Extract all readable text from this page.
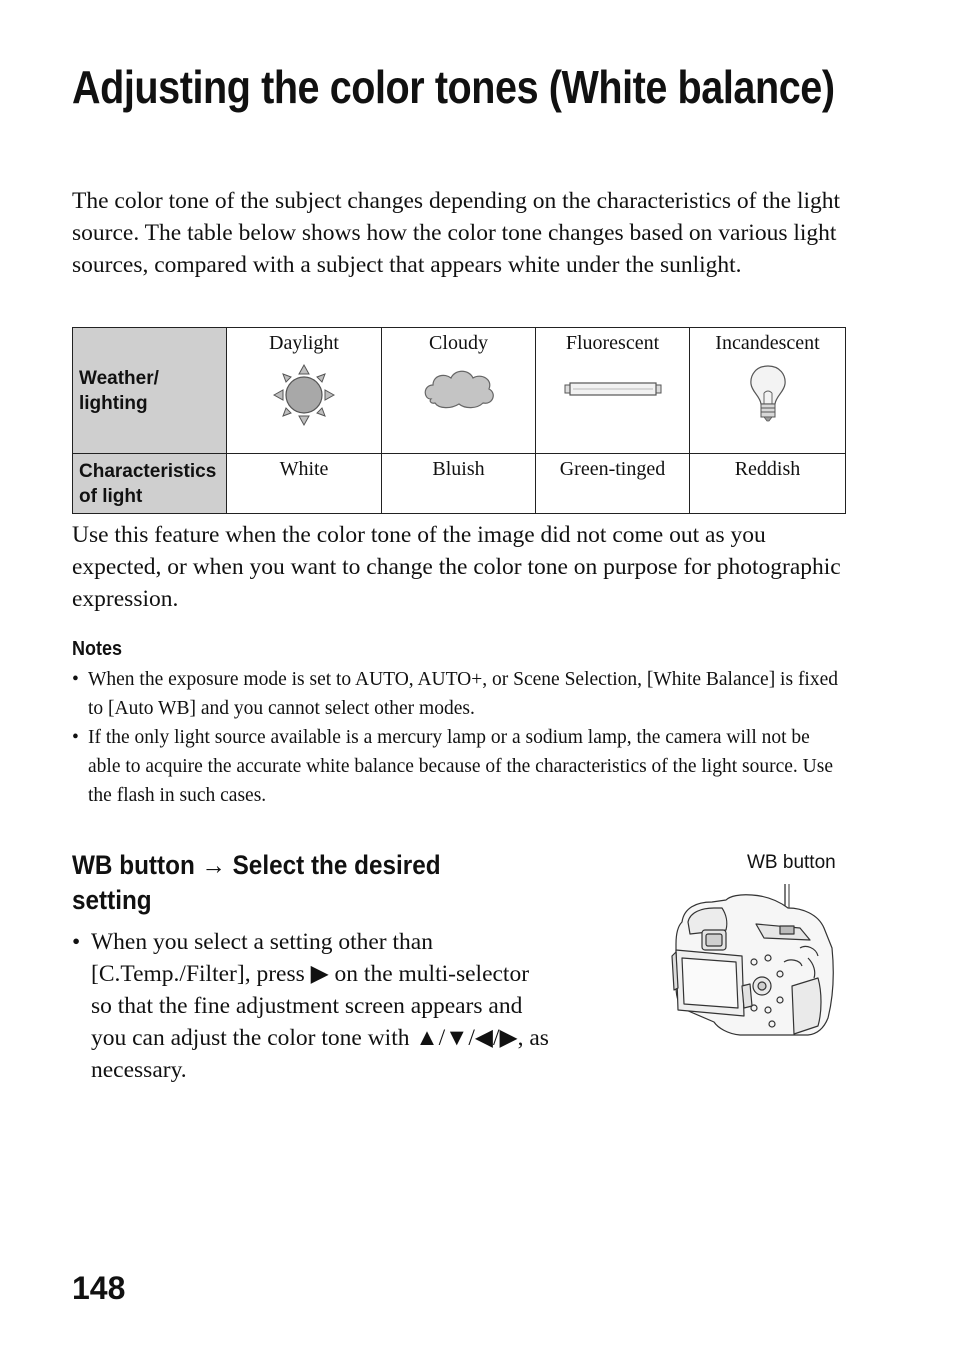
Adjusting the color tones (White balance)

The color tone of the subject changes depending on the characteristics of the light source. The table below shows how the color tone changes based on various light sources, compared with a subject that appears white under the sunlight.

Weather/ lighting	Daylight	Cloudy	Fluorescent	Incandescent

Characteristics of light	White	Bluish	Green-tinged	Reddish

Use this feature when the color tone of the image did not come out as you expected, or when you want to change the color tone on purpose for photographic expression.

Notes
• When the exposure mode is set to AUTO, AUTO+, or Scene Selection, [White Balance] is fixed to [Auto WB] and you cannot select other modes.
• If the only light source available is a mercury lamp or a sodium lamp, the camera will not be able to acquire the accurate white balance because of the characteristics of the light source. Use the flash in such cases.
WB button → Select the desired setting

• When you select a setting other than [C.Temp./Filter], press ▶ on the multi-selector so that the fine adjustment screen appears and you can adjust the color tone with ▲/▼/◀/▶, as necessary.

WB button
148
